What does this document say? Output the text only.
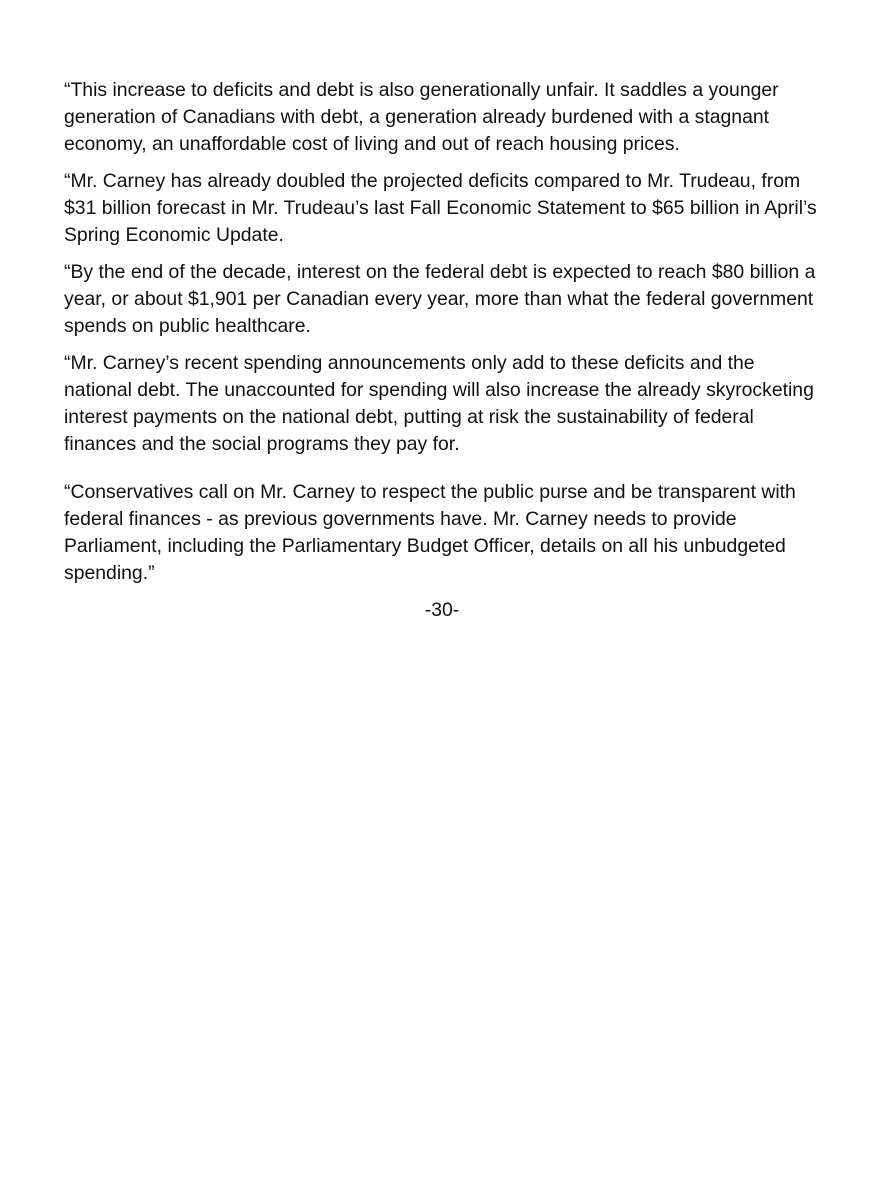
“This increase to deficits and debt is also generationally unfair. It saddles a younger
generation of Canadians with debt, a generation already burdened with a stagnant
economy, an unaffordable cost of living and out of reach housing prices.

“Mr. Carney has already doubled the projected deficits compared to Mr. Trudeau, from
$31 billion forecast in Mr. Trudeau’s last Fall Economic Statement to $65 billion in April’s
Spring Economic Update.

“By the end of the decade, interest on the federal debt is expected to reach $80 billion a
year, or about $1,901 per Canadian every year, more than what the federal government
spends on public healthcare.

“Mr. Carney’s recent spending announcements only add to these deficits and the
national debt. The unaccounted for spending will also increase the already skyrocketing
interest payments on the national debt, putting at risk the sustainability of federal
finances and the social programs they pay for.

“Conservatives call on Mr. Carney to respect the public purse and be transparent with
federal finances - as previous governments have. Mr. Carney needs to provide
Parliament, including the Parliamentary Budget Officer, details on all his unbudgeted
spending.”

-30-
